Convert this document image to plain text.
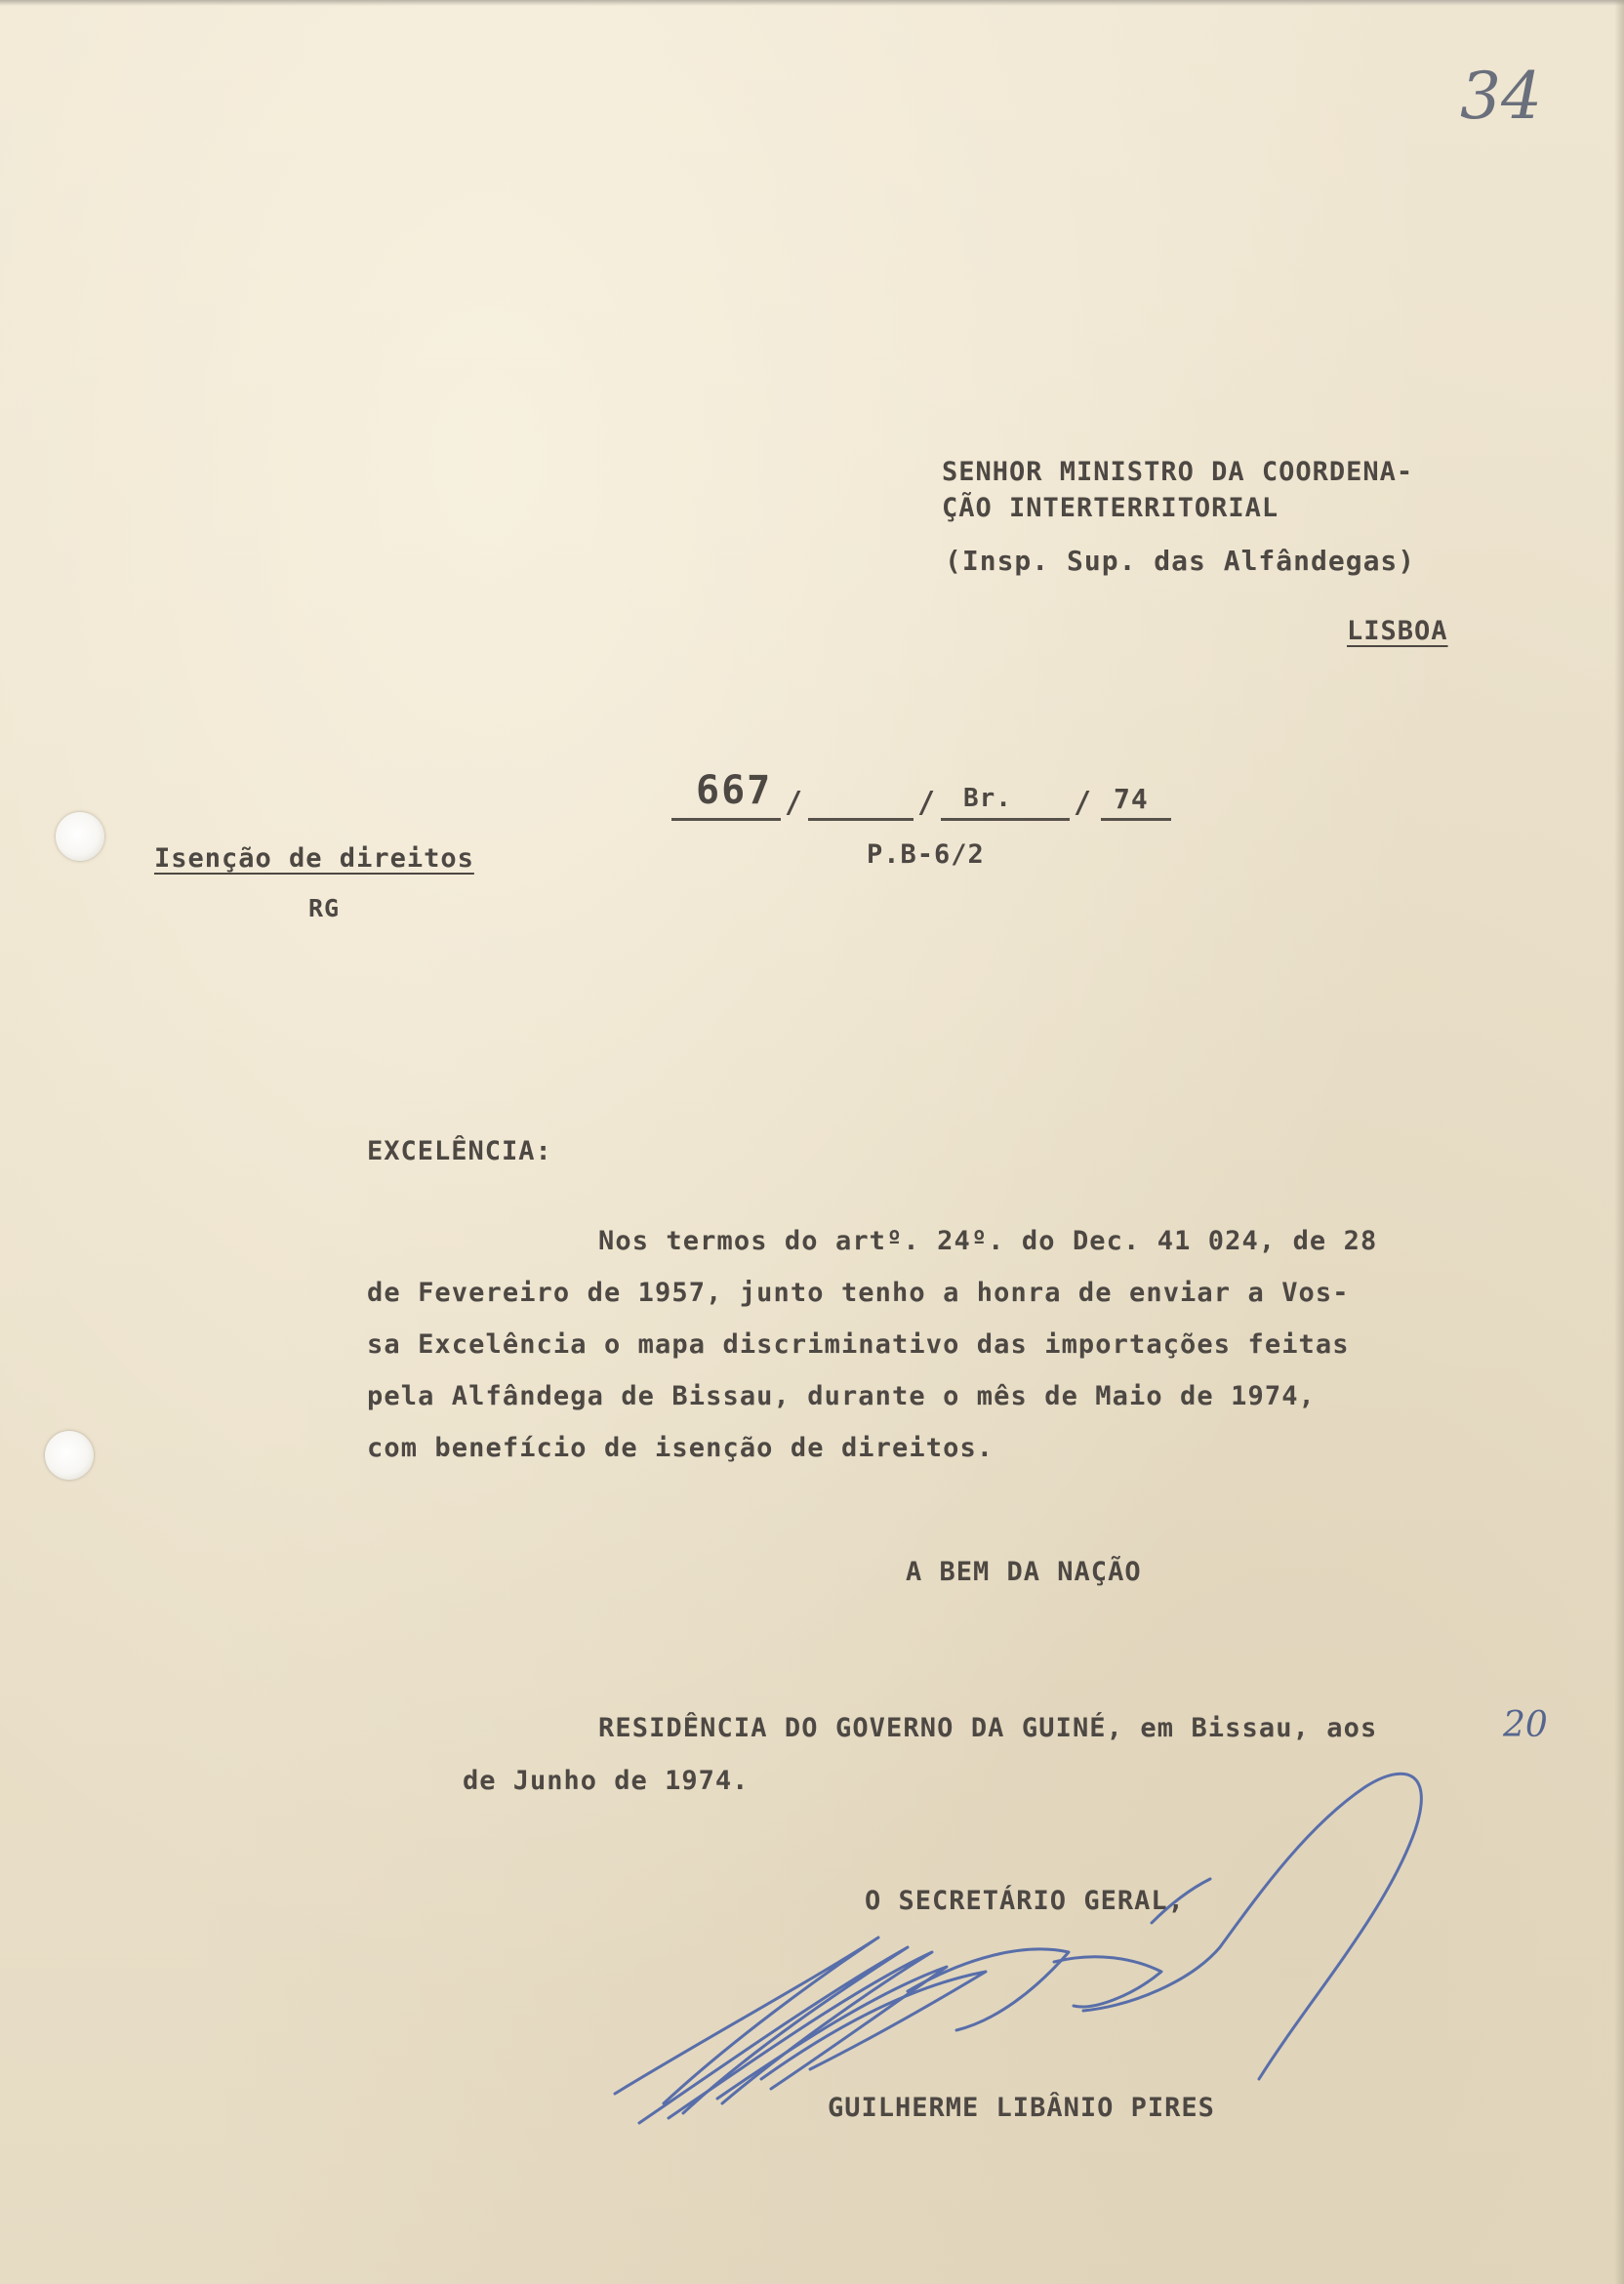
34

SENHOR MINISTRO DA COORDENA-

ÇÃO INTERTERRITORIAL

(Insp. Sup. das Alfândegas)

LISBOA

667 /	/ Br. / 74

P.B-6/2

Isenção de direitos

RG

EXCELÊNCIA:

Nos termos do artº. 24º. do Dec. 41 024, de 28

de Fevereiro de 1957, junto tenho a honra de enviar a Vos-

sa Excelência o mapa discriminativo das importações feitas

pela Alfândega de Bissau, durante o mês de Maio de 1974,

com benefício de isenção de direitos.

A BEM DA NAÇÃO

RESIDÊNCIA DO GOVERNO DA GUINÉ, em Bissau, aos	20

de Junho de 1974.

O SECRETÁRIO GERAL,

GUILHERME LIBÂNIO PIRES
